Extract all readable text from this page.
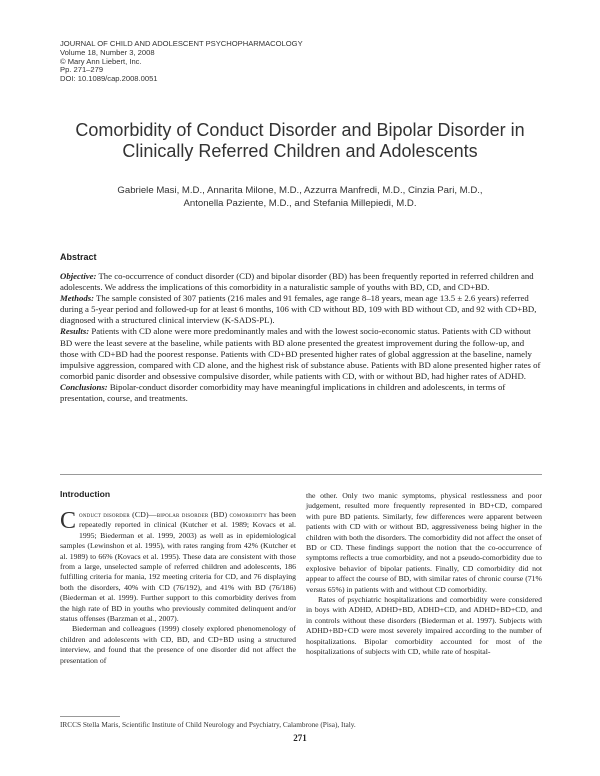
JOURNAL OF CHILD AND ADOLESCENT PSYCHOPHARMACOLOGY
Volume 18, Number 3, 2008
© Mary Ann Liebert, Inc.
Pp. 271–279
DOI: 10.1089/cap.2008.0051
Comorbidity of Conduct Disorder and Bipolar Disorder in Clinically Referred Children and Adolescents
Gabriele Masi, M.D., Annarita Milone, M.D., Azzurra Manfredi, M.D., Cinzia Pari, M.D.,
Antonella Paziente, M.D., and Stefania Millepiedi, M.D.
Abstract

Objective: The co-occurrence of conduct disorder (CD) and bipolar disorder (BD) has been frequently reported in referred children and adolescents. We address the implications of this comorbidity in a naturalistic sample of youths with BD, CD, and CD+BD.

Methods: The sample consisted of 307 patients (216 males and 91 females, age range 8–18 years, mean age 13.5 ± 2.6 years) referred during a 5-year period and followed-up for at least 6 months, 106 with CD without BD, 109 with BD without CD, and 92 with CD+BD, diagnosed with a structured clinical interview (K-SADS-PL).

Results: Patients with CD alone were more predominantly males and with the lowest socio-economic status. Patients with CD without BD were the least severe at the baseline, while patients with BD alone presented the greatest improvement during the follow-up, and those with CD+BD had the poorest response. Patients with CD+BD presented higher rates of global aggression at the baseline, namely impulsive aggression, compared with CD alone, and the highest risk of substance abuse. Patients with BD alone presented higher rates of comorbid panic disorder and obsessive compulsive disorder, while patients with CD, with or without BD, had higher rates of ADHD.

Conclusions: Bipolar-conduct disorder comorbidity may have meaningful implications in children and adolescents, in terms of presentation, course, and treatments.

Introduction

Conduct disorder (CD)—bipolar disorder (BD) comorbidity has been repeatedly reported in clinical (Kutcher et al. 1989; Kovacs et al. 1995; Biederman et al. 1999, 2003) as well as in epidemiological samples (Lewinshon et al. 1995), with rates ranging from 42% (Kutcher et al. 1989) to 66% (Kovacs et al. 1995). These data are consistent with those from a large, unselected sample of referred children and adolescents, 186 fulfilling criteria for mania, 192 meeting criteria for CD, and 76 displaying both the disorders, 40% with CD (76/192), and 41% with BD (76/186) (Biederman et al. 1999). Further support to this comorbidity derives from the high rate of BD in youths who previously commited delinquent and/or status offenses (Barzman et al., 2007).

Biederman and colleagues (1999) closely explored phenomenology of children and adolescents with CD, BD, and CD+BD using a structured interview, and found that the presence of one disorder did not affect the presentation of

the other. Only two manic symptoms, physical restlessness and poor judgement, resulted more frequently represented in BD+CD, compared with pure BD patients. Similarly, few differences were apparent between patients with CD with or without BD, aggressiveness being higher in the children with both the disorders. The comorbidity did not affect the onset of BD or CD. These findings support the notion that the co-occurrence of symptoms reflects a true comorbidity, and not a pseudo-comorbidity due to explosive behavior of bipolar patients. Finally, CD comorbidity did not appear to affect the course of BD, with similar rates of chronic course (71% versus 65%) in patients with and without CD comorbidity.

Rates of psychiatric hospitalizations and comorbidity were considered in boys with ADHD, ADHD+BD, ADHD+CD, and ADHD+BD+CD, and in controls without these disorders (Biederman et al. 1997). Subjects with ADHD+BD+CD were most severely impaired according to the number of hospitalizations. Bipolar comorbidity accounted for most of the hospitalizations of subjects with CD, while rate of hospital-

IRCCS Stella Maris, Scientific Institute of Child Neurology and Psychiatry, Calambrone (Pisa), Italy.
271
